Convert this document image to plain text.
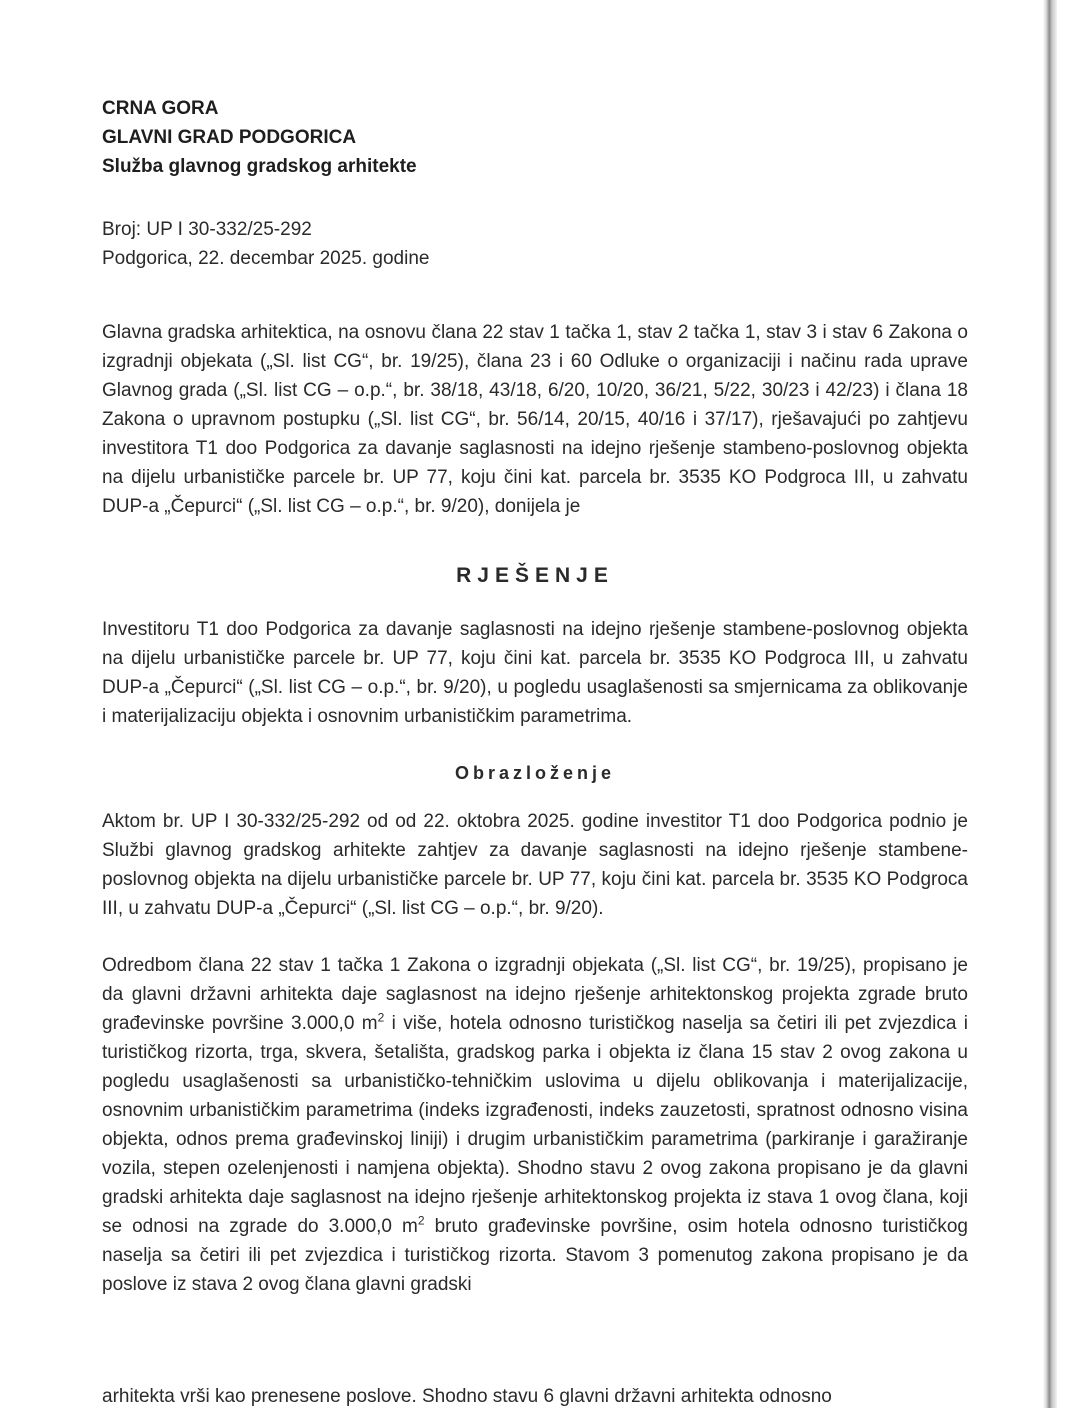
CRNA GORA
GLAVNI GRAD PODGORICA
Služba glavnog gradskog arhitekte
Broj: UP I 30-332/25-292
Podgorica, 22. decembar 2025. godine

Glavna gradska arhitektica, na osnovu člana 22 stav 1 tačka 1, stav 2 tačka 1, stav 3 i stav 6 Zakona o izgradnji objekata („Sl. list CG“, br. 19/25), člana 23 i 60 Odluke o organizaciji i načinu rada uprave Glavnog grada („Sl. list CG – o.p.“, br. 38/18, 43/18, 6/20, 10/20, 36/21, 5/22, 30/23 i 42/23) i člana 18 Zakona o upravnom postupku („Sl. list CG“, br. 56/14, 20/15, 40/16 i 37/17), rješavajući po zahtjevu investitora T1 doo Podgorica za davanje saglasnosti na idejno rješenje stambeno-poslovnog objekta na dijelu urbanističke parcele br. UP 77, koju čini kat. parcela br. 3535 KO Podgroca III, u zahvatu DUP-a „Čepurci“ („Sl. list CG – o.p.“, br. 9/20), donijela je

RJEŠENJE

Investitoru T1 doo Podgorica za davanje saglasnosti na idejno rješenje stambene-poslovnog objekta na dijelu urbanističke parcele br. UP 77, koju čini kat. parcela br. 3535 KO Podgroca III, u zahvatu DUP-a „Čepurci“ („Sl. list CG – o.p.“, br. 9/20), u pogledu usaglašenosti sa smjernicama za oblikovanje i materijalizaciju objekta i osnovnim urbanističkim parametrima.

Obrazloženje

Aktom br. UP I 30-332/25-292 od od 22. oktobra 2025. godine investitor T1 doo Podgorica podnio je Službi glavnog gradskog arhitekte zahtjev za davanje saglasnosti na idejno rješenje stambene-poslovnog objekta na dijelu urbanističke parcele br. UP 77, koju čini kat. parcela br. 3535 KO Podgroca III, u zahvatu DUP-a „Čepurci“ („Sl. list CG – o.p.“, br. 9/20).

Odredbom člana 22 stav 1 tačka 1 Zakona o izgradnji objekata („Sl. list CG“, br. 19/25), propisano je da glavni državni arhitekta daje saglasnost na idejno rješenje arhitektonskog projekta zgrade bruto građevinske površine 3.000,0 $m^2$ i više, hotela odnosno turističkog naselja sa četiri ili pet zvjezdica i turističkog rizorta, trga, skvera, šetališta, gradskog parka i objekta iz člana 15 stav 2 ovog zakona u pogledu usaglašenosti sa urbanističko-tehničkim uslovima u dijelu oblikovanja i materijalizacije, osnovnim urbanističkim parametrima (indeks izgrađenosti, indeks zauzetosti, spratnost odnosno visina objekta, odnos prema građevinskoj liniji) i drugim urbanističkim parametrima (parkiranje i garažiranje vozila, stepen ozelenjenosti i namjena objekta). Shodno stavu 2 ovog zakona propisano je da glavni gradski arhitekta daje saglasnost na idejno rješenje arhitektonskog projekta iz stava 1 ovog člana, koji se odnosi na zgrade do 3.000,0 $m^2$ bruto građevinske površine, osim hotela odnosno turističkog naselja sa četiri ili pet zvjezdica i turističkog rizorta. Stavom 3 pomenutog zakona propisano je da poslove iz stava 2 ovog člana glavni gradski

arhitekta vrši kao prenesene poslove. Shodno stavu 6 glavni državni arhitekta odnosno
